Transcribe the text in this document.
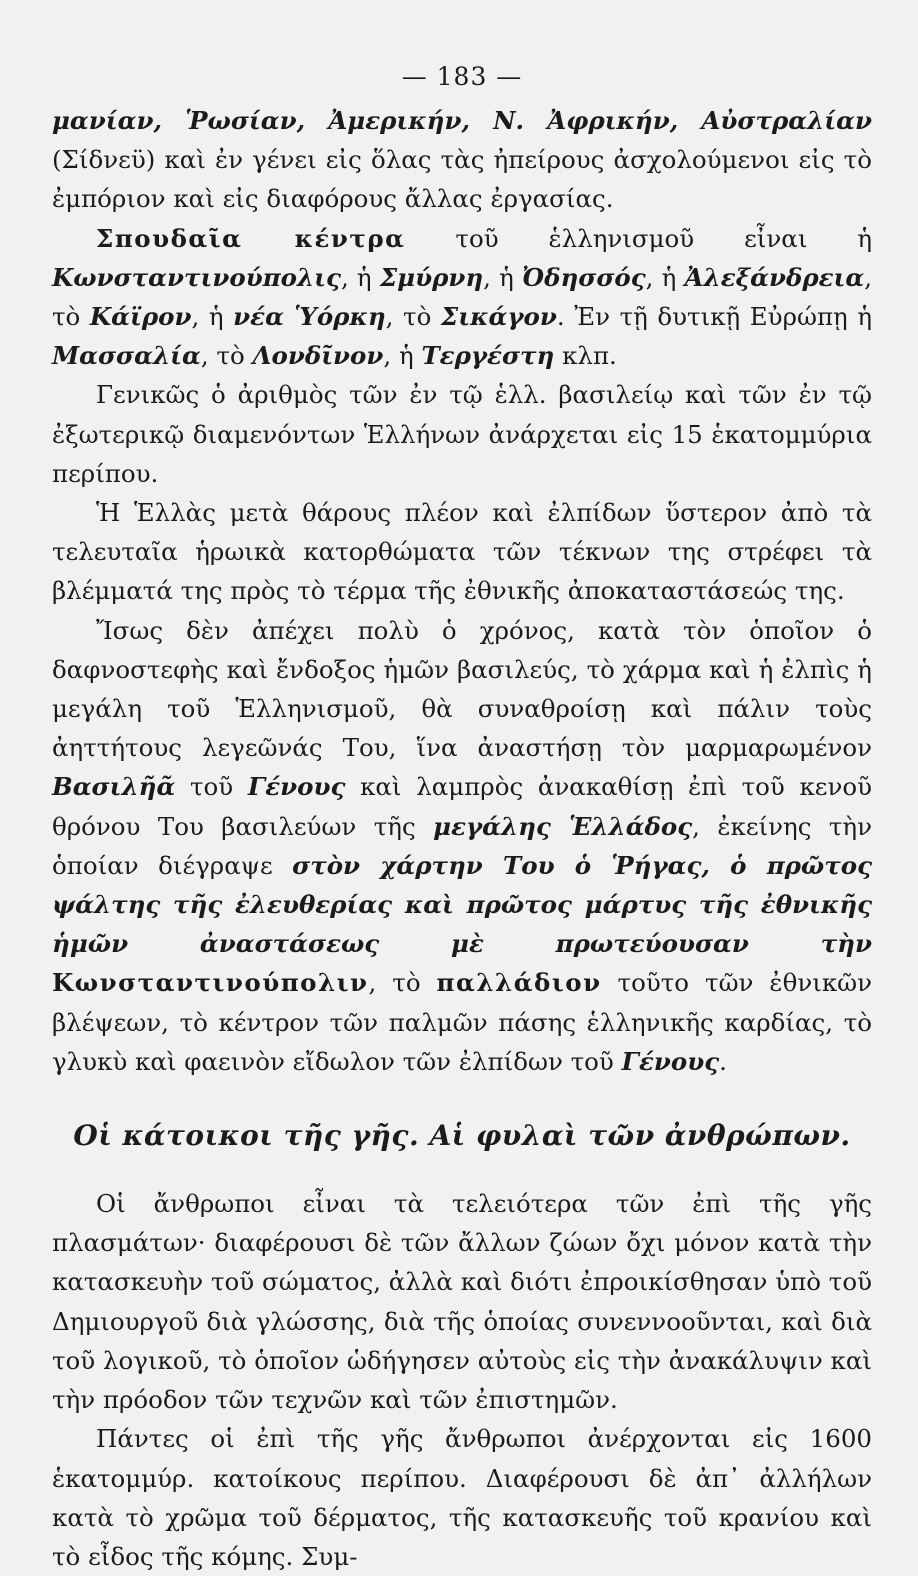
— 183 —

μανίαν, Ῥωσίαν, Ἀμερικήν, Ν. Ἀφρικήν, Αὐστραλίαν (Σίδνεϋ) καὶ ἐν γένει εἰς ὅλας τὰς ἠπείρους ἀσχολούμενοι εἰς τὸ ἐμπόριον καὶ εἰς διαφόρους ἄλλας ἐργασίας.

Σπουδαῖα κέντρα τοῦ ἑλληνισμοῦ εἶναι ἡ Κωνσταντινούπολις, ἡ Σμύρνη, ἡ Ὀδησσός, ἡ Ἀλεξάνδρεια, τὸ Κάϊρον, ἡ νέα Ὑόρκη, τὸ Σικάγον. Ἐν τῇ δυτικῇ Εὐρώπῃ ἡ Μασσαλία, τὸ Λονδῖνον, ἡ Τεργέστη κλπ.

Γενικῶς ὁ ἀριθμὸς τῶν ἐν τῷ ἑλλ. βασιλείῳ καὶ τῶν ἐν τῷ ἐξωτερικῷ διαμενόντων Ἑλλήνων ἀνάρχεται εἰς 15 ἑκατομμύρια περίπου.

Ἡ Ἑλλὰς μετὰ θάρους πλέον καὶ ἐλπίδων ὕστερον ἀπὸ τὰ τελευταῖα ἡρωικὰ κατορθώματα τῶν τέκνων της στρέφει τὰ βλέμματά της πρὸς τὸ τέρμα τῆς ἐθνικῆς ἀποκαταστάσεώς της.

Ἴσως δὲν ἀπέχει πολὺ ὁ χρόνος, κατὰ τὸν ὁποῖον ὁ δαφνοστεφὴς καὶ ἔνδοξος ἡμῶν βασιλεύς, τὸ χάρμα καὶ ἡ ἐλπὶς ἡ μεγάλη τοῦ Ἑλληνισμοῦ, θὰ συναθροίσῃ καὶ πάλιν τοὺς ἀηττήτους λεγεῶνάς Του, ἵνα ἀναστήσῃ τὸν μαρμαρωμένον Βασιλῆᾶ τοῦ Γένους καὶ λαμπρὸς ἀνακαθίσῃ ἐπὶ τοῦ κενοῦ θρόνου Του βασιλεύων τῆς μεγάλης Ἑλλάδος, ἐκείνης τὴν ὁποίαν διέγραψε στὸν χάρτην Του ὁ Ῥήγας, ὁ πρῶτος ψάλτης τῆς ἐλευθερίας καὶ πρῶτος μάρτυς τῆς ἐθνικῆς ἡμῶν ἀναστάσεως μὲ πρωτεύουσαν τὴν Κωνσταντινούπολιν, τὸ παλλάδιον τοῦτο τῶν ἐθνικῶν βλέψεων, τὸ κέντρον τῶν παλμῶν πάσης ἑλληνικῆς καρδίας, τὸ γλυκὺ καὶ φαεινὸν εἴδωλον τῶν ἐλπίδων τοῦ Γένους.

Οἱ κάτοικοι τῆς γῆς. Αἱ φυλαὶ τῶν ἀνθρώπων.

Οἱ ἄνθρωποι εἶναι τὰ τελειότερα τῶν ἐπὶ τῆς γῆς πλασμάτων· διαφέρουσι δὲ τῶν ἄλλων ζώων ὄχι μόνον κατὰ τὴν κατασκευὴν τοῦ σώματος, ἀλλὰ καὶ διότι ἐπροικίσθησαν ὑπὸ τοῦ Δημιουργοῦ διὰ γλώσσης, διὰ τῆς ὁποίας συνεννοοῦνται, καὶ διὰ τοῦ λογικοῦ, τὸ ὁποῖον ὡδήγησεν αὐτοὺς εἰς τὴν ἀνακάλυψιν καὶ τὴν πρόοδον τῶν τεχνῶν καὶ τῶν ἐπιστημῶν.

Πάντες οἱ ἐπὶ τῆς γῆς ἄνθρωποι ἀνέρχονται εἰς 1600 ἑκατομμύρ. κατοίκους περίπου. Διαφέρουσι δὲ ἀπ᾽ ἀλλήλων κατὰ τὸ χρῶμα τοῦ δέρματος, τῆς κατασκευῆς τοῦ κρανίου καὶ τὸ εἶδος τῆς κόμης. Συμ-
